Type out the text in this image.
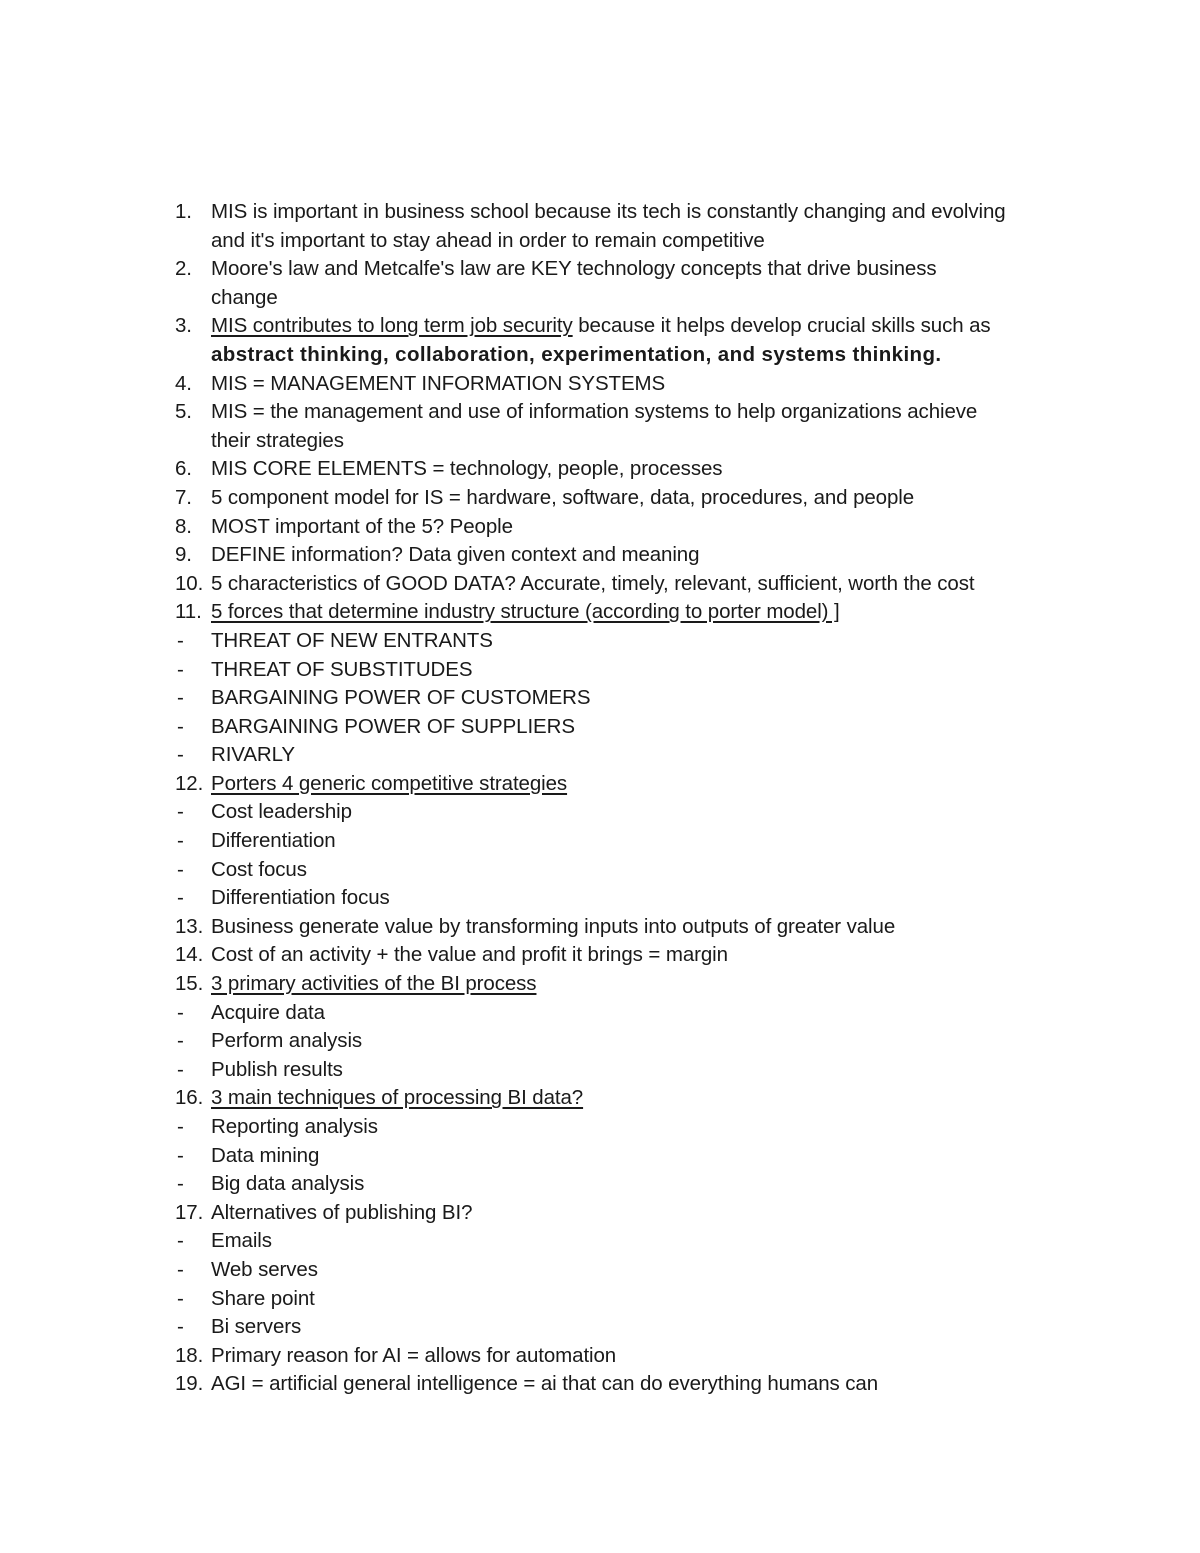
1. MIS is important in business school because its tech is constantly changing and evolving
and it's important to stay ahead in order to remain competitive
2. Moore's law and Metcalfe's law are KEY technology concepts that drive business
change
3. MIS contributes to long term job security because it helps develop crucial skills such as
abstract thinking, collaboration, experimentation, and systems thinking.
4. MIS = MANAGEMENT INFORMATION SYSTEMS
5. MIS = the management and use of information systems to help organizations achieve
their strategies
6. MIS CORE ELEMENTS = technology, people, processes
7. 5 component model for IS = hardware, software, data, procedures, and people
8. MOST important of the 5? People
9. DEFINE information? Data given context and meaning
10. 5 characteristics of GOOD DATA? Accurate, timely, relevant, sufficient, worth the cost
11. 5 forces that determine industry structure (according to porter model) ]
- THREAT OF NEW ENTRANTS
- THREAT OF SUBSTITUDES
- BARGAINING POWER OF CUSTOMERS
- BARGAINING POWER OF SUPPLIERS
- RIVARLY
12. Porters 4 generic competitive strategies
- Cost leadership
- Differentiation
- Cost focus
- Differentiation focus
13. Business generate value by transforming inputs into outputs of greater value
14. Cost of an activity + the value and profit it brings = margin
15. 3 primary activities of the BI process
- Acquire data
- Perform analysis
- Publish results
16. 3 main techniques of processing BI data?
- Reporting analysis
- Data mining
- Big data analysis
17. Alternatives of publishing BI?
- Emails
- Web serves
- Share point
- Bi servers
18. Primary reason for AI = allows for automation
19. AGI = artificial general intelligence = ai that can do everything humans can
